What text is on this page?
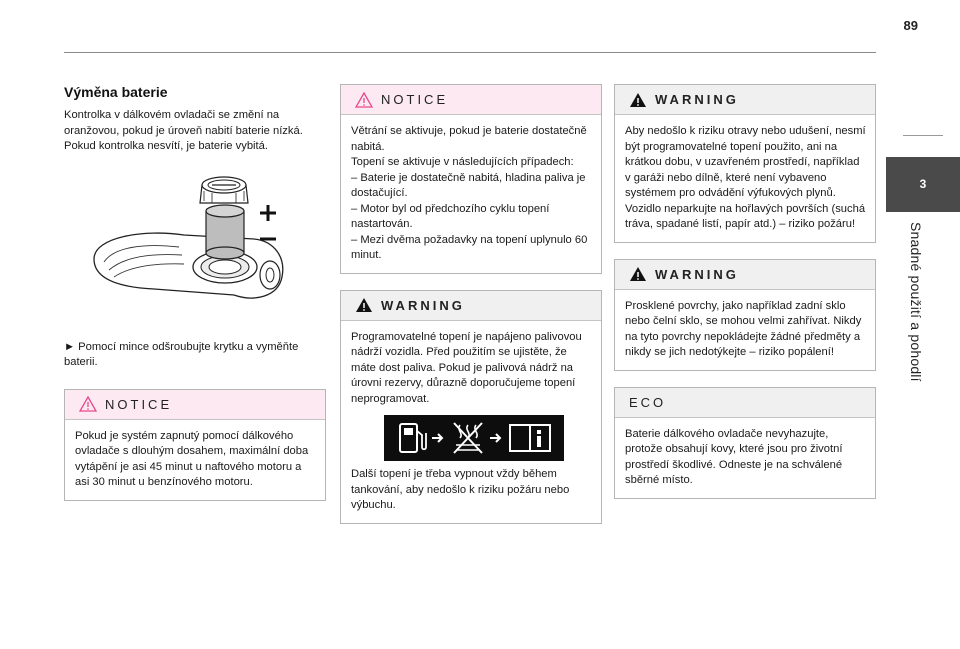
89
3
Snadné použití a pohodlí
Výměna baterie
Kontrolka v dálkovém ovladači se změní na oranžovou, pokud je úroveň nabití baterie nízká. Pokud kontrolka nesvítí, je baterie vybitá.
► Pomocí mince odšroubujte krytku a vyměňte baterii.
NOTICE
Pokud je systém zapnutý pomocí dálkového ovladače s dlouhým dosahem, maximální doba vytápění je asi 45 minut u naftového motoru a asi 30 minut u benzínového motoru.
NOTICE
Větrání se aktivuje, pokud je baterie dostatečně nabitá.
Topení se aktivuje v následujících případech:
– Baterie je dostatečně nabitá, hladina paliva je dostačující.
– Motor byl od předchozího cyklu topení nastartován.
– Mezi dvěma požadavky na topení uplynulo 60 minut.
WARNING
Programovatelné topení je napájeno palivovou nádrží vozidla. Před použitím se ujistěte, že máte dost paliva. Pokud je palivová nádrž na úrovni rezervy, důrazně doporučujeme topení neprogramovat.
Další topení je třeba vypnout vždy během tankování, aby nedošlo k riziku požáru nebo výbuchu.
WARNING
Aby nedošlo k riziku otravy nebo udušení, nesmí být programovatelné topení použito, ani na krátkou dobu, v uzavřeném prostředí, například v garáži nebo dílně, které není vybaveno systémem pro odvádění výfukových plynů.
Vozidlo neparkujte na hořlavých površích (suchá tráva, spadané listí, papír atd.) – riziko požáru!
WARNING
Prosklené povrchy, jako například zadní sklo nebo čelní sklo, se mohou velmi zahřívat. Nikdy na tyto povrchy nepokládejte žádné předměty a nikdy se jich nedotýkejte – riziko popálení!
ECO
Baterie dálkového ovladače nevyhazujte, protože obsahují kovy, které jsou pro životní prostředí škodlivé. Odneste je na schválené sběrné místo.
